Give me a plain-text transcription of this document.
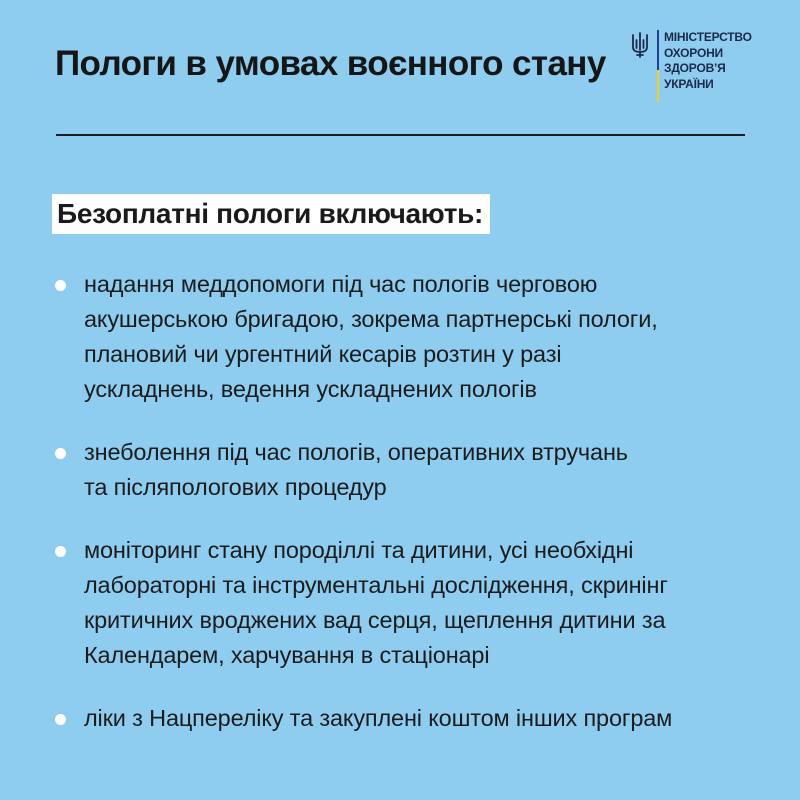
Пологи в умовах воєнного стану
МІНІСТЕРСТВО
ОХОРОНИ
ЗДОРОВ’Я
УКРАЇНИ
Безоплатні пологи включають:
надання меддопомоги під час пологів черговою
акушерською бригадою, зокрема партнерські пологи,
плановий чи ургентний кесарів розтин у разі
ускладнень, ведення ускладнених пологів
знеболення під час пологів, оперативних втручань
та післяпологових процедур
моніторинг стану породіллі та дитини, усі необхідні
лабораторні та інструментальні дослідження, скринінг
критичних вроджених вад серця, щеплення дитини за
Календарем, харчування в стаціонарі
ліки з Нацпереліку та закуплені коштом інших програм
